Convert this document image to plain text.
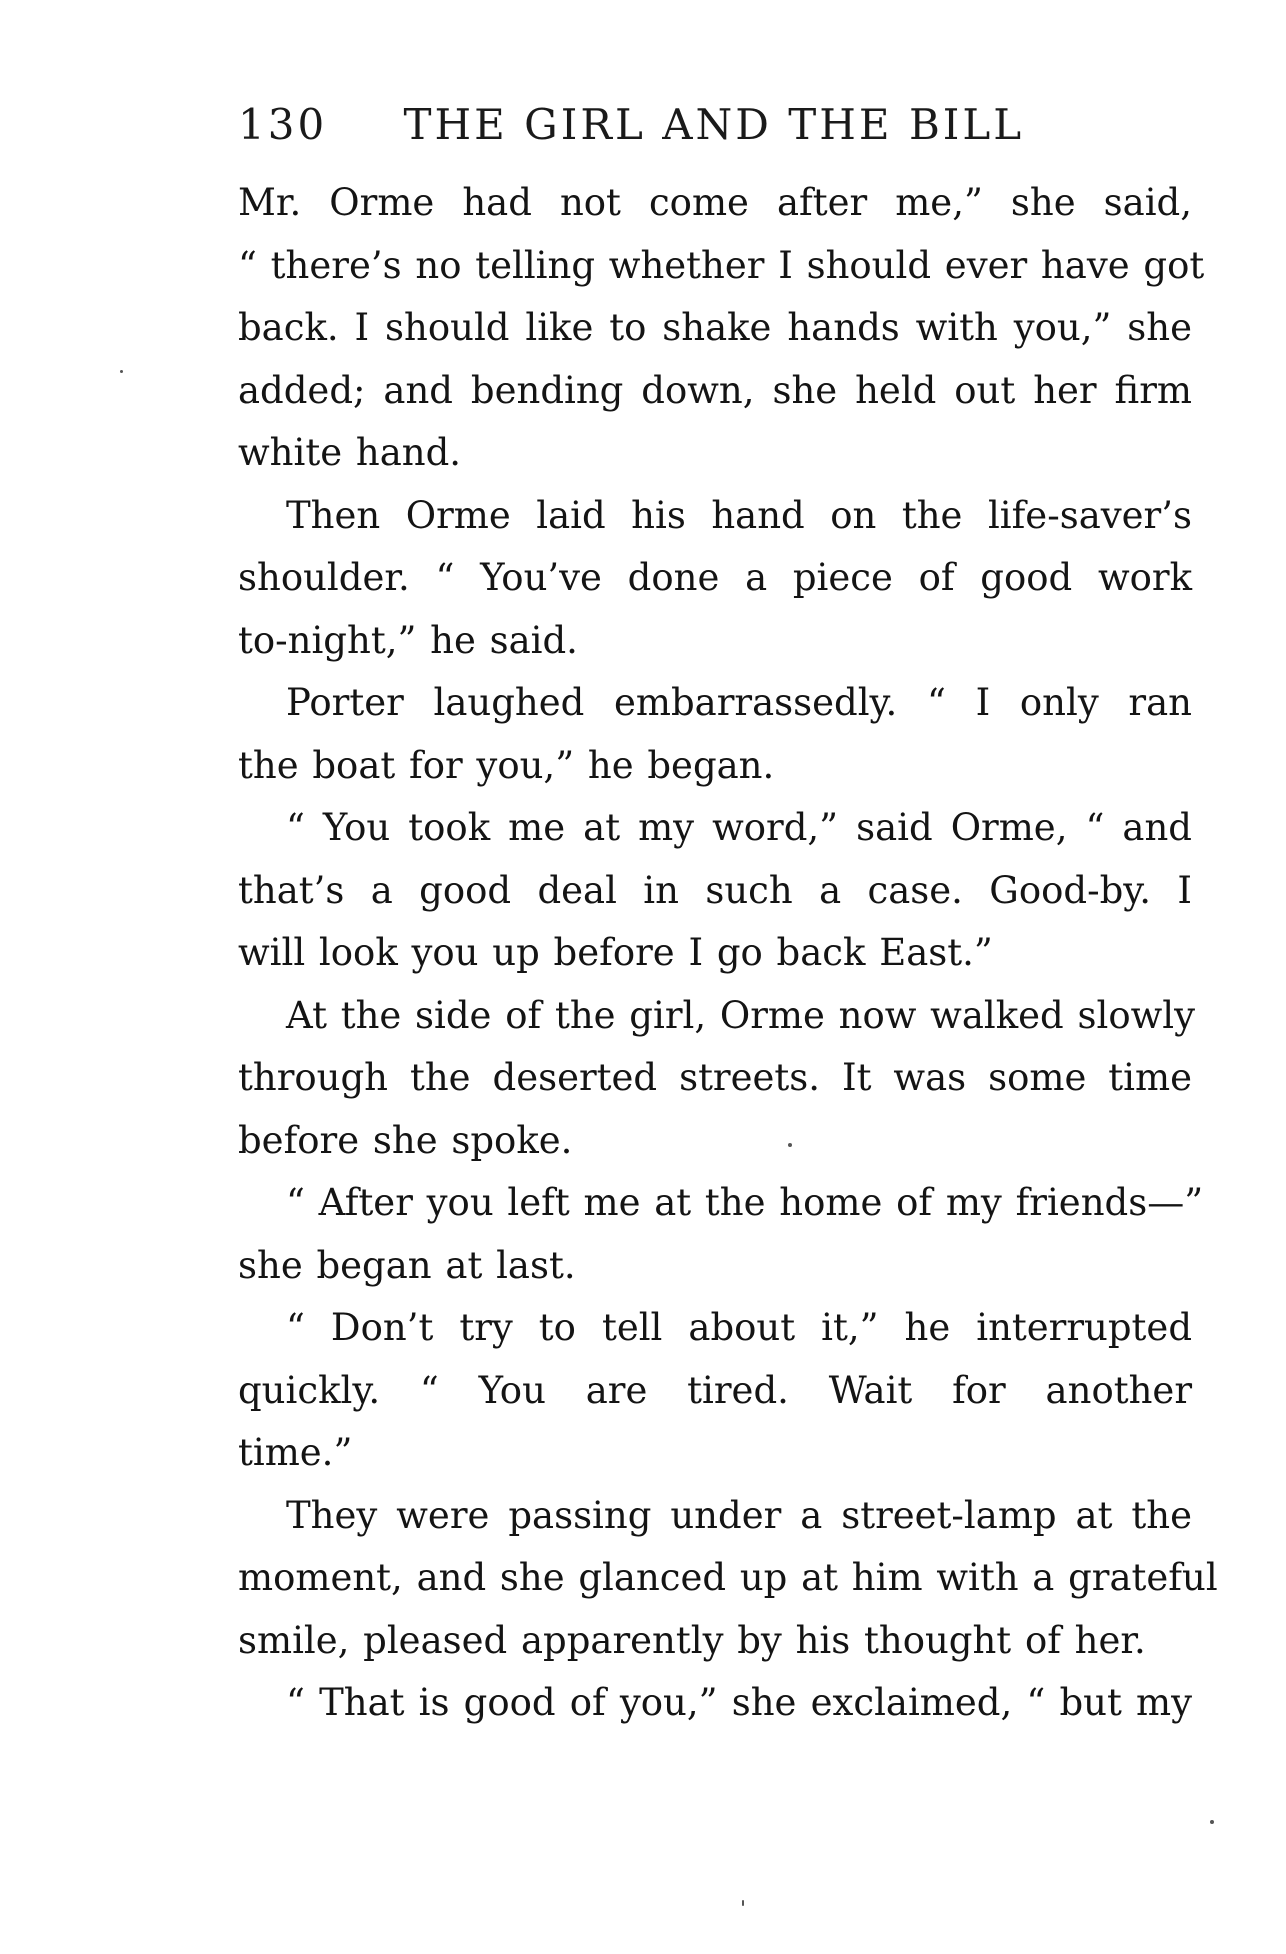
130 THE GIRL AND THE BILL
Mr. Orme had not come after me,” she said,
“ there’s no telling whether I should ever have got
back. I should like to shake hands with you,” she
added; and bending down, she held out her firm
white hand.
Then Orme laid his hand on the life-saver’s
shoulder. “ You’ve done a piece of good work
to-night,” he said.
Porter laughed embarrassedly. “ I only ran
the boat for you,” he began.
“ You took me at my word,” said Orme, “ and
that’s a good deal in such a case. Good-by. I
will look you up before I go back East.”
At the side of the girl, Orme now walked slowly
through the deserted streets. It was some time
before she spoke.
“ After you left me at the home of my friends—”
she began at last.
“ Don’t try to tell about it,” he interrupted
quickly. “ You are tired. Wait for another
time.”
They were passing under a street-lamp at the
moment, and she glanced up at him with a grateful
smile, pleased apparently by his thought of her.
“ That is good of you,” she exclaimed, “ but my
